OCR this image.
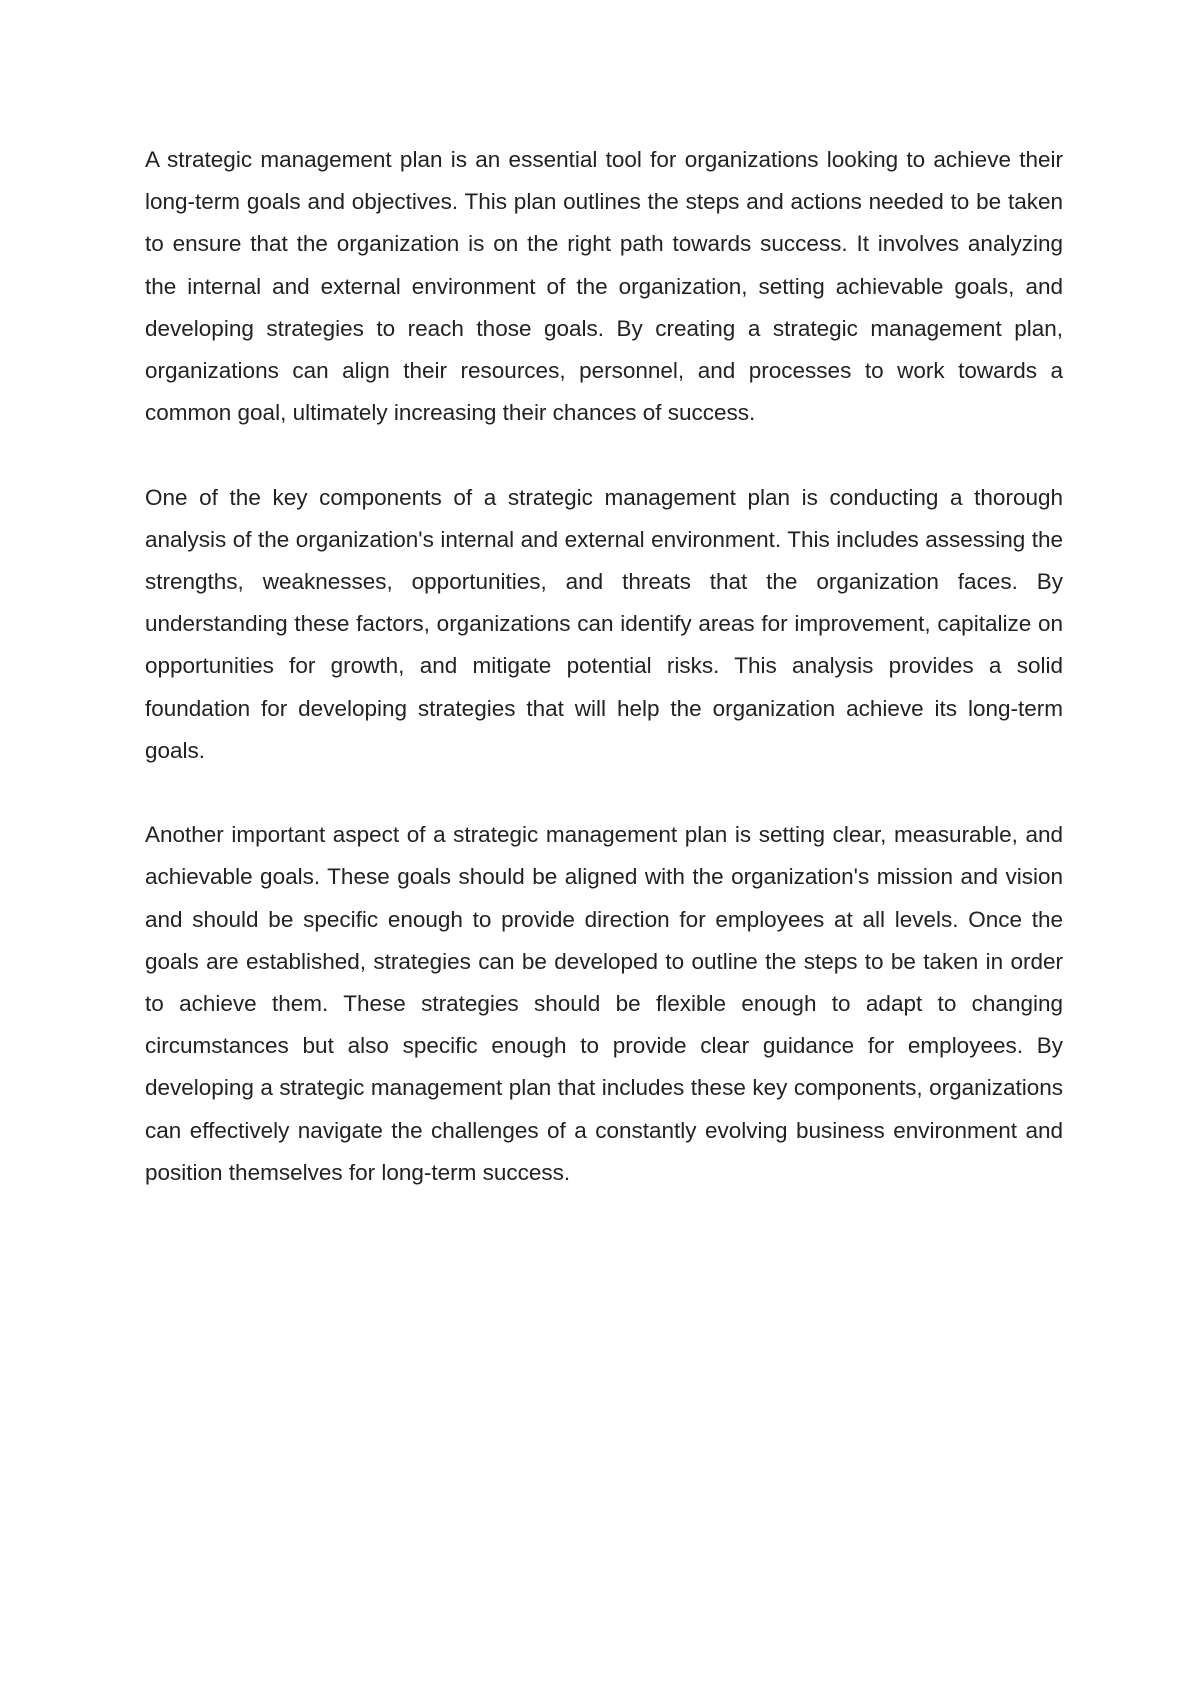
A strategic management plan is an essential tool for organizations looking to achieve their long-term goals and objectives. This plan outlines the steps and actions needed to be taken to ensure that the organization is on the right path towards success. It involves analyzing the internal and external environment of the organization, setting achievable goals, and developing strategies to reach those goals. By creating a strategic management plan, organizations can align their resources, personnel, and processes to work towards a common goal, ultimately increasing their chances of success.

One of the key components of a strategic management plan is conducting a thorough analysis of the organization's internal and external environment. This includes assessing the strengths, weaknesses, opportunities, and threats that the organization faces. By understanding these factors, organizations can identify areas for improvement, capitalize on opportunities for growth, and mitigate potential risks. This analysis provides a solid foundation for developing strategies that will help the organization achieve its long-term goals.

Another important aspect of a strategic management plan is setting clear, measurable, and achievable goals. These goals should be aligned with the organization's mission and vision and should be specific enough to provide direction for employees at all levels. Once the goals are established, strategies can be developed to outline the steps to be taken in order to achieve them. These strategies should be flexible enough to adapt to changing circumstances but also specific enough to provide clear guidance for employees. By developing a strategic management plan that includes these key components, organizations can effectively navigate the challenges of a constantly evolving business environment and position themselves for long-term success.
